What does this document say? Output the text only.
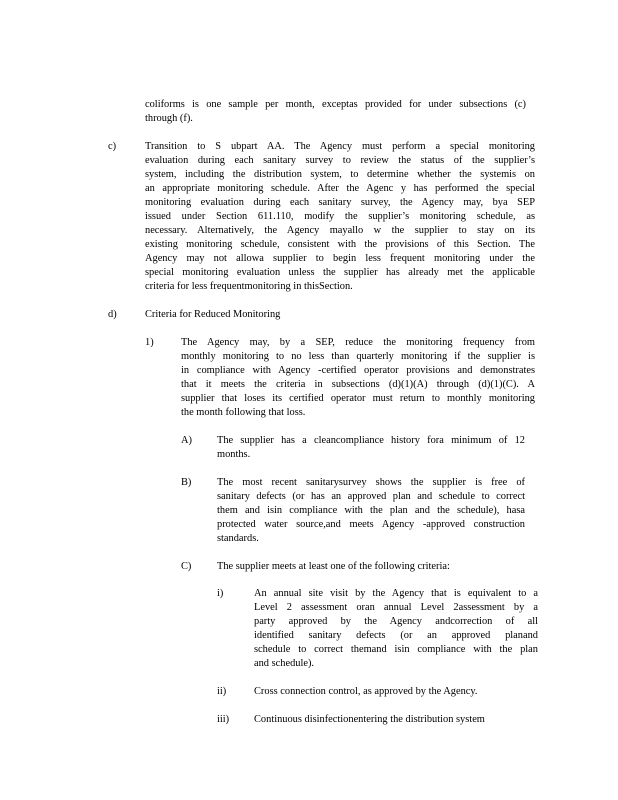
coliforms is one sample per month, exceptas provided for under subsections (c)
through (f).
c)	Transition to S ubpart AA. The Agency must perform a special monitoring
evaluation during each sanitary survey to review the status of the supplier’s
system, including the distribution system, to determine whether the systemis on
an appropriate monitoring schedule. After the Agenc y has performed the special
monitoring evaluation during each sanitary survey, the Agency may, bya SEP
issued under Section 611.110, modify the supplier’s monitoring schedule, as
necessary. Alternatively, the Agency mayallo w the supplier to stay on its
existing monitoring schedule, consistent with the provisions of this Section. The
Agency may not allowa supplier to begin less frequent monitoring under the
special monitoring evaluation unless the supplier has already met the applicable
criteria for less frequentmonitoring in thisSection.
d)	Criteria for Reduced Monitoring
1)	The Agency may, by a SEP, reduce the monitoring frequency from
monthly monitoring to no less than quarterly monitoring if the supplier is
in compliance with Agency -certified operator provisions and demonstrates
that it meets the criteria in subsections (d)(1)(A) through (d)(1)(C). A
supplier that loses its certified operator must return to monthly monitoring
the month following that loss.
A) The supplier has a cleancompliance history fora minimum of 12
months.
B) The most recent sanitarysurvey shows the supplier is free of
sanitary defects (or has an approved plan and schedule to correct
them and isin compliance with the plan and the schedule), hasa
protected water source,and meets Agency -approved construction
standards.
C) The supplier meets at least one of the following criteria:
i)	An annual site visit by the Agency that is equivalent to a
Level 2 assessment oran annual Level 2assessment by a
party approved by the Agency andcorrection of all
identified sanitary defects (or an approved planand
schedule to correct themand isin compliance with the plan
and schedule).
ii)	Cross connection control, as approved by the Agency.
iii) Continuous disinfectionentering the distribution system
